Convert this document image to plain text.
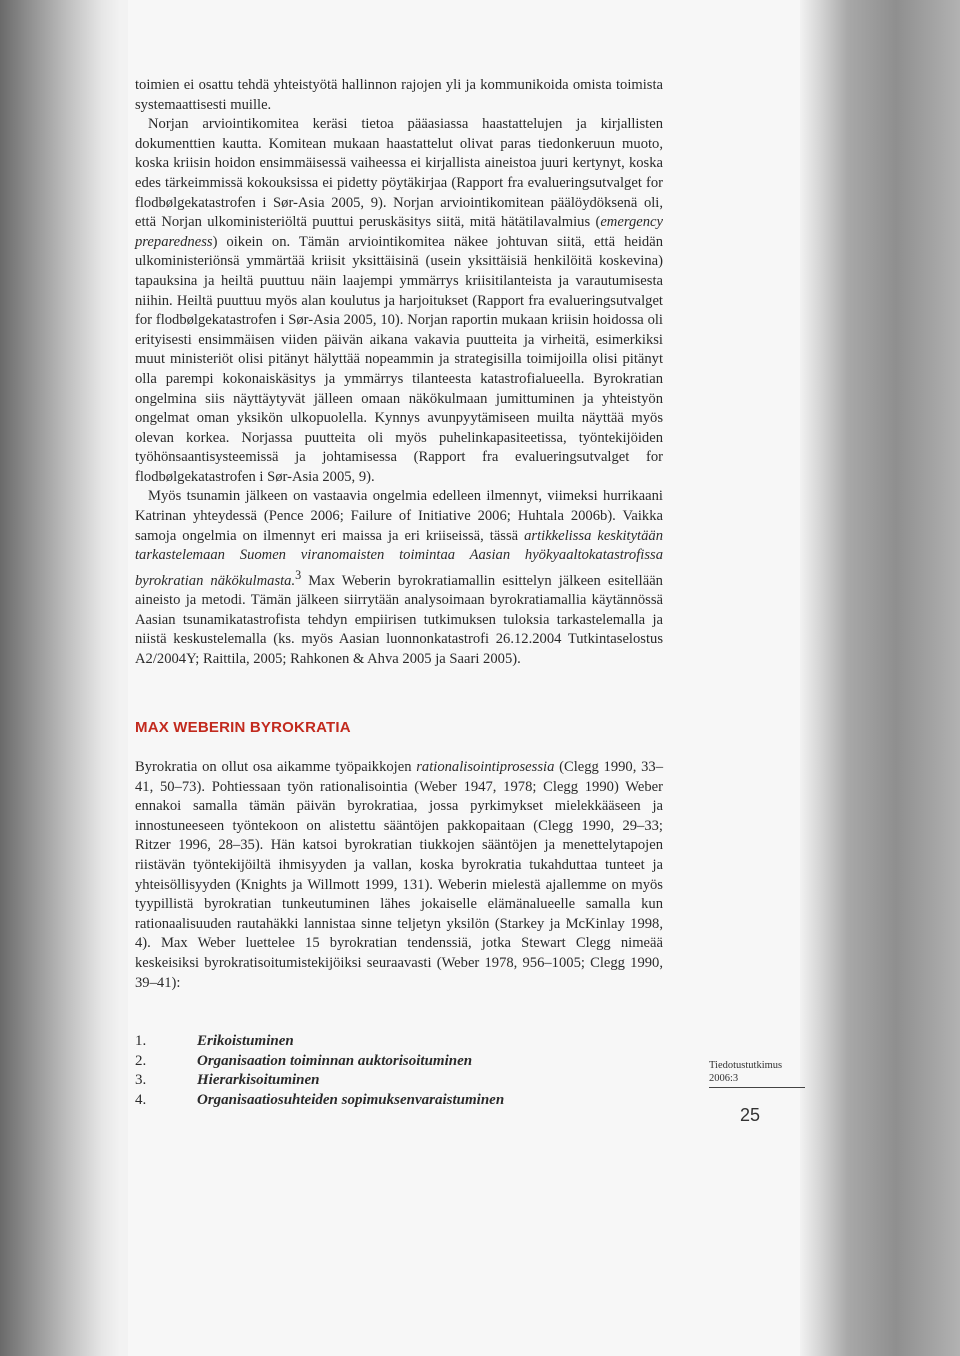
toimien ei osattu tehdä yhteistyötä hallinnon rajojen yli ja kommunikoida omista toimista systemaattisesti muille.

Norjan arviointikomitea keräsi tietoa pääasiassa haastattelujen ja kirjallisten dokumenttien kautta. Komitean mukaan haastattelut olivat paras tiedonkeruun muoto, koska kriisin hoidon ensimmäisessä vaiheessa ei kirjallista aineistoa juuri kertynyt, koska edes tärkeimmissä kokouksissa ei pidetty pöytäkirjaa (Rapport fra evalueringsutvalget for flodbølgekatastrofen i Sør-Asia 2005, 9). Norjan arviointikomitean päälöydöksenä oli, että Norjan ulkoministeriöltä puuttui peruskäsitys siitä, mitä hätätilavalmius (emergency preparedness) oikein on. Tämän arviointikomitea näkee johtuvan siitä, että heidän ulkoministeriönsä ymmärtää kriisit yksittäisinä (usein yksittäisiä henkilöitä koskevina) tapauksina ja heiltä puuttuu näin laajempi ymmärrys kriisitilanteista ja varautumisesta niihin. Heiltä puuttuu myös alan koulutus ja harjoitukset (Rapport fra evalueringsutvalget for flodbølgekatastrofen i Sør-Asia 2005, 10). Norjan raportin mukaan kriisin hoidossa oli erityisesti ensimmäisen viiden päivän aikana vakavia puutteita ja virheitä, esimerkiksi muut ministeriöt olisi pitänyt hälyttää nopeammin ja strategisilla toimijoilla olisi pitänyt olla parempi kokonaiskäsitys ja ymmärrys tilanteesta katastrofialueella. Byrokratian ongelmina siis näyttäytyvät jälleen omaan näkökulmaan jumittuminen ja yhteistyön ongelmat oman yksikön ulkopuolella. Kynnys avunpyytämiseen muilta näyttää myös olevan korkea. Norjassa puutteita oli myös puhelinkapasiteetissa, työntekijöiden työhönsaantisysteemissä ja johtamisessa (Rapport fra evalueringsutvalget for flodbølgekatastrofen i Sør-Asia 2005, 9).

Myös tsunamin jälkeen on vastaavia ongelmia edelleen ilmennyt, viimeksi hurrikaani Katrinan yhteydessä (Pence 2006; Failure of Initiative 2006; Huhtala 2006b). Vaikka samoja ongelmia on ilmennyt eri maissa ja eri kriiseissä, tässä artikkelissa keskitytään tarkastelemaan Suomen viranomaisten toimintaa Aasian hyökyaaltokatastrofissa byrokratian näkökulmasta.$^3$ Max Weberin byrokratiamallin esittelyn jälkeen esitellään aineisto ja metodi. Tämän jälkeen siirrytään analysoimaan byrokratiamallia käytännössä Aasian tsunamikatastrofista tehdyn empiirisen tutkimuksen tuloksia tarkastelemalla ja niistä keskustelemalla (ks. myös Aasian luonnonkatastrofi 26.12.2004 Tutkintaselostus A2/2004Y; Raittila, 2005; Rahkonen & Ahva 2005 ja Saari 2005).

MAX WEBERIN BYROKRATIA

Byrokratia on ollut osa aikamme työpaikkojen rationalisointiprosessia (Clegg 1990, 33–41, 50–73). Pohtiessaan työn rationalisointia (Weber 1947, 1978; Clegg 1990) Weber ennakoi samalla tämän päivän byrokratiaa, jossa pyrkimykset mielekkääseen ja innostuneeseen työntekoon on alistettu sääntöjen pakkopaitaan (Clegg 1990, 29–33; Ritzer 1996, 28–35). Hän katsoi byrokratian tiukkojen sääntöjen ja menettelytapojen riistävän työntekijöiltä ihmisyyden ja vallan, koska byrokratia tukahduttaa tunteet ja yhteisöllisyyden (Knights ja Willmott 1999, 131). Weberin mielestä ajallemme on myös tyypillistä byrokratian tunkeutuminen lähes jokaiselle elämänalueelle samalla kun rationaalisuuden rautahäkki lannistaa sinne teljetyn yksilön (Starkey ja McKinlay 1998, 4). Max Weber luettelee 15 byrokratian tendenssiä, jotka Stewart Clegg nimeää keskeisiksi byrokratisoitumistekijöiksi seuraavasti (Weber 1978, 956–1005; Clegg 1990, 39–41):

1.	Erikoistuminen
2.	Organisaation toiminnan auktorisoituminen
3.	Hierarkisoituminen
4.	Organisaatiosuhteiden sopimuksenvaraistuminen
Tiedotustutkimus
2006:3
25
